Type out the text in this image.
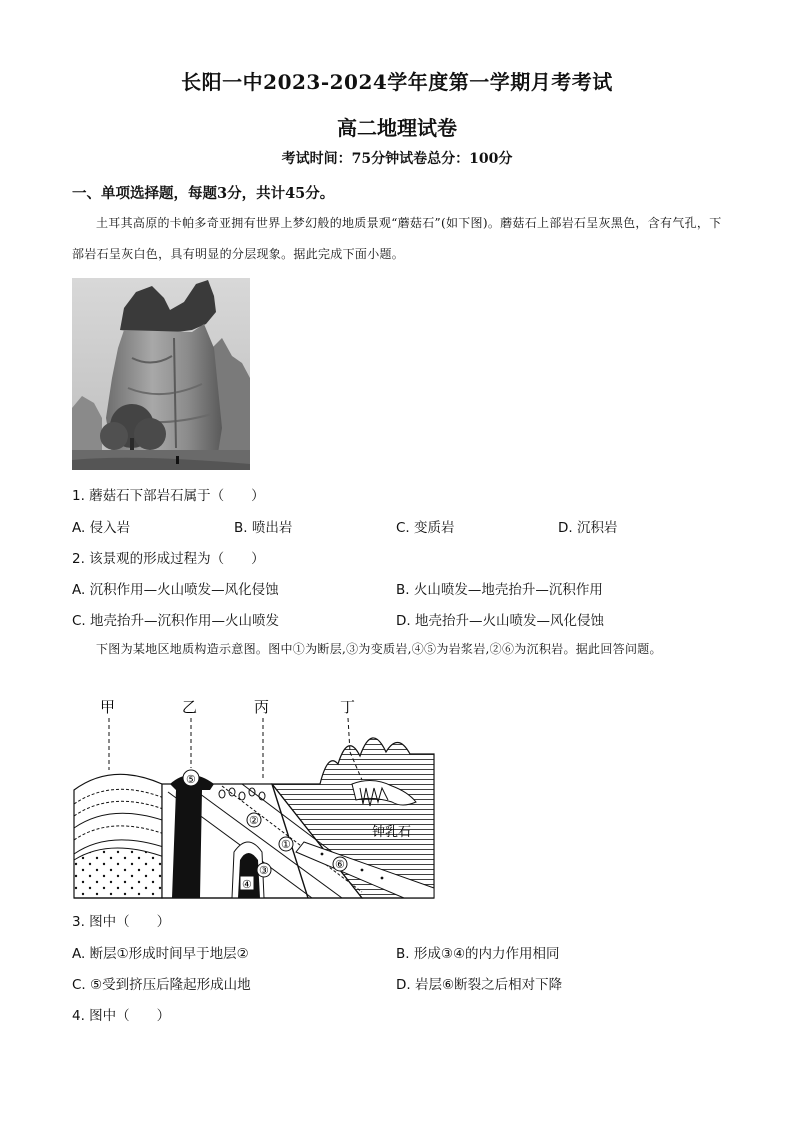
长阳一中2023-2024学年度第一学期月考考试
高二地理试卷
考试时间：75分钟试卷总分：100分
一、单项选择题，每题3分，共计45分。
土耳其高原的卡帕多奇亚拥有世界上梦幻般的地质景观“蘑菇石”(如下图)。蘑菇石上部岩石呈灰黑色，含有气孔，下部岩石呈灰白色，具有明显的分层现象。据此完成下面小题。
1. 蘑菇石下部岩石属于（　　）
A. 侵入岩	B. 喷出岩	C. 变质岩	D. 沉积岩
2. 该景观的形成过程为（　　）
A. 沉积作用—火山喷发—风化侵蚀	B. 火山喷发—地壳抬升—沉积作用
C. 地壳抬升—沉积作用—火山喷发	D. 地壳抬升—火山喷发—风化侵蚀
下图为某地区地质构造示意图。图中①为断层,③为变质岩,④⑤为岩浆岩,②⑥为沉积岩。据此回答问题。
甲	乙	丙	丁
钟乳石
⑤
④
③
①
②
⑥
3. 图中（　　）
A. 断层①形成时间早于地层②	B. 形成③④的内力作用相同
C. ⑤受到挤压后隆起形成山地	D. 岩层⑥断裂之后相对下降
4. 图中（　　）
